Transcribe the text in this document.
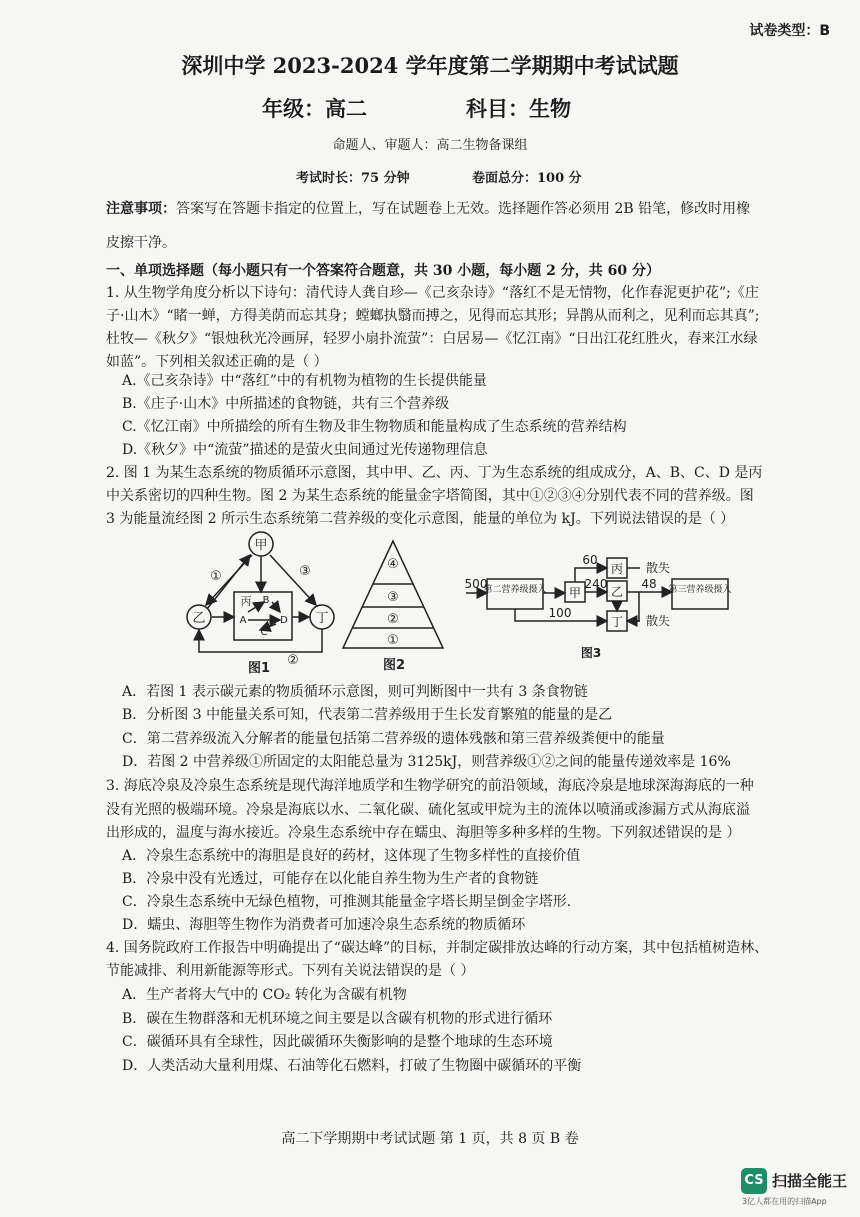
试卷类型：B
深圳中学 2023-2024 学年度第二学期期中考试试题
年级：高二	科目：生物
命题人、审题人：高二生物备课组
考试时长：75 分钟	卷面总分：100 分
注意事项：答案写在答题卡指定的位置上，写在试题卷上无效。选择题作答必须用 2B 铅笔，修改时用橡
皮擦干净。
一、单项选择题（每小题只有一个答案符合题意，共 30 小题，每小题 2 分，共 60 分）
1. 从生物学角度分析以下诗句：清代诗人龚自珍—《己亥杂诗》“落红不是无情物，化作春泥更护花”;《庄
子·山木》“睹一蝉，方得美荫而忘其身；螳螂执翳而搏之，见得而忘其形；异鹊从而利之，见利而忘其真”;
杜牧—《秋夕》“银烛秋光冷画屏，轻罗小扇扑流萤”：白居易—《忆江南》“日出江花红胜火，春来江水绿
如蓝”。下列相关叙述正确的是（ ）
A.《己亥杂诗》中“落红”中的有机物为植物的生长提供能量
B.《庄子·山木》中所描述的食物链，共有三个营养级
C.《忆江南》中所描绘的所有生物及非生物物质和能量构成了生态系统的营养结构
D.《秋夕》中“流萤”描述的是萤火虫间通过光传递物理信息
2. 图 1 为某生态系统的物质循环示意图，其中甲、乙、丙、丁为生态系统的组成成分，A、B、C、D 是丙
中关系密切的四种生物。图 2 为某生态系统的能量金字塔简图，其中①②③④分别代表不同的营养级。图
3 为能量流经图 2 所示生态系统第二营养级的变化示意图，能量的单位为 kJ。下列说法错误的是（ ）
甲
乙	丁
丙 B
A	D
C
①	③
②
图1
④
③
②
①
图2
500
第二营养级摄入 甲
丙
乙
丁
第三营养级摄入
60
240	48
100
散失
散失
图3
A．若图 1 表示碳元素的物质循环示意图，则可判断图中一共有 3 条食物链
B．分析图 3 中能量关系可知，代表第二营养级用于生长发育繁殖的能量的是乙
C．第二营养级流入分解者的能量包括第二营养级的遗体残骸和第三营养级粪便中的能量
D．若图 2 中营养级①所固定的太阳能总量为 3125kJ，则营养级①②之间的能量传递效率是 16%
3. 海底冷泉及冷泉生态系统是现代海洋地质学和生物学研究的前沿领域，海底冷泉是地球深海海底的一种
没有光照的极端环境。冷泉是海底以水、二氧化碳、硫化氢或甲烷为主的流体以喷涌或渗漏方式从海底溢
出形成的，温度与海水接近。冷泉生态系统中存在蠕虫、海胆等多种多样的生物。下列叙述错误的是 ）
A．冷泉生态系统中的海胆是良好的药材，这体现了生物多样性的直接价值
B．冷泉中没有光透过，可能存在以化能自养生物为生产者的食物链
C．冷泉生态系统中无绿色植物，可推测其能量金字塔长期呈倒金字塔形．
D．蠕虫、海胆等生物作为消费者可加速冷泉生态系统的物质循环
4. 国务院政府工作报告中明确提出了“碳达峰”的目标，并制定碳排放达峰的行动方案，其中包括植树造林、
节能减排、利用新能源等形式。下列有关说法错误的是（ ）
A．生产者将大气中的 CO₂ 转化为含碳有机物
B．碳在生物群落和无机环境之间主要是以含碳有机物的形式进行循环
C．碳循环具有全球性，因此碳循环失衡影响的是整个地球的生态环境
D．人类活动大量利用煤、石油等化石燃料，打破了生物圈中碳循环的平衡
高二下学期期中考试试题 第 1 页，共 8 页 B 卷
CS 扫描全能王
3亿人都在用的扫描App
